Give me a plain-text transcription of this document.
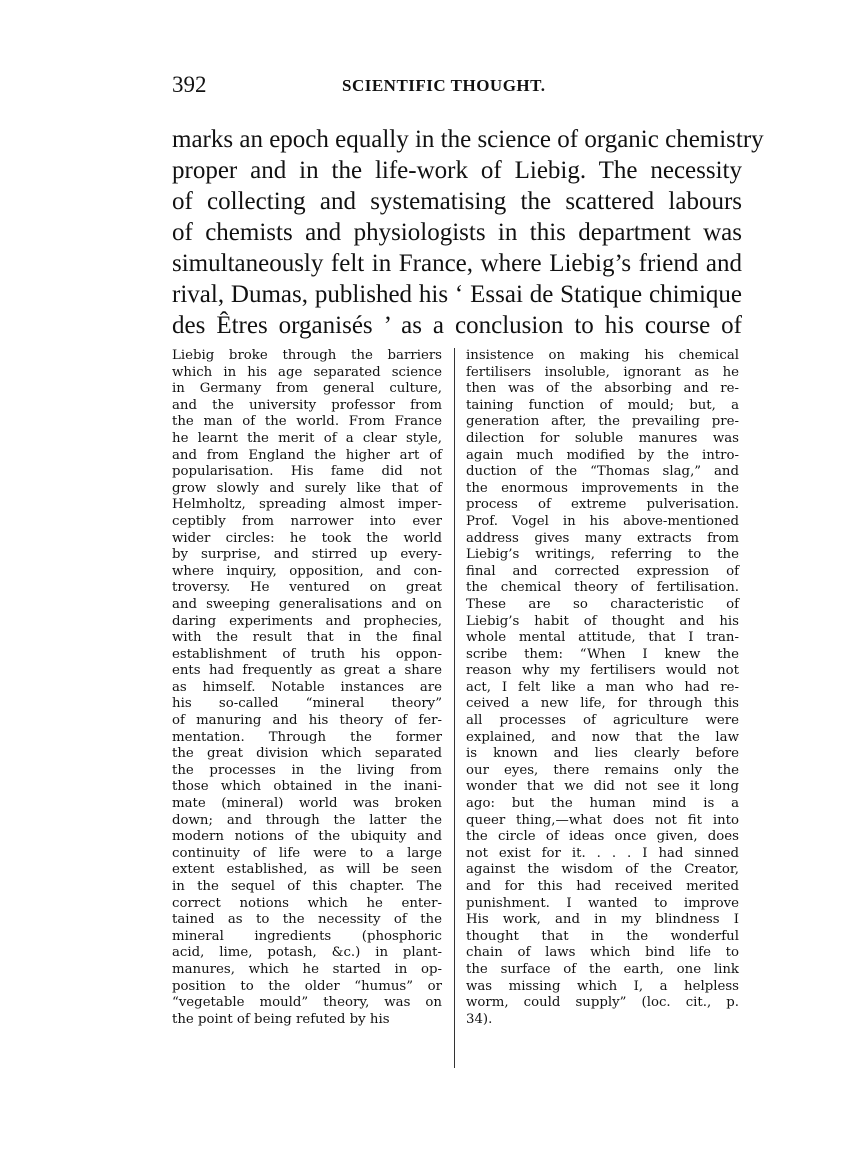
392	SCIENTIFIC THOUGHT.
marks an epoch equally in the science of organic chemistry
proper and in the life-work of Liebig. The necessity
of collecting and systematising the scattered labours
of chemists and physiologists in this department was
simultaneously felt in France, where Liebig’s friend and
rival, Dumas, published his ‘ Essai de Statique chimique
des Êtres organisés ’ as a conclusion to his course of
Liebig broke through the barriers
which in his age separated science
in Germany from general culture,
and the university professor from
the man of the world. From France
he learnt the merit of a clear style,
and from England the higher art of
popularisation. His fame did not
grow slowly and surely like that of
Helmholtz, spreading almost imper-
ceptibly from narrower into ever
wider circles: he took the world
by surprise, and stirred up every-
where inquiry, opposition, and con-
troversy. He ventured on great
and sweeping generalisations and on
daring experiments and prophecies,
with the result that in the final
establishment of truth his oppon-
ents had frequently as great a share
as himself. Notable instances are
his so-called “mineral theory”
of manuring and his theory of fer-
mentation. Through the former
the great division which separated
the processes in the living from
those which obtained in the inani-
mate (mineral) world was broken
down; and through the latter the
modern notions of the ubiquity and
continuity of life were to a large
extent established, as will be seen
in the sequel of this chapter. The
correct notions which he enter-
tained as to the necessity of the
mineral ingredients (phosphoric
acid, lime, potash, &c.) in plant-
manures, which he started in op-
position to the older “humus” or
“vegetable mould” theory, was on
the point of being refuted by his
insistence on making his chemical
fertilisers insoluble, ignorant as he
then was of the absorbing and re-
taining function of mould; but, a
generation after, the prevailing pre-
dilection for soluble manures was
again much modified by the intro-
duction of the “Thomas slag,” and
the enormous improvements in the
process of extreme pulverisation.
Prof. Vogel in his above-mentioned
address gives many extracts from
Liebig’s writings, referring to the
final and corrected expression of
the chemical theory of fertilisation.
These are so characteristic of
Liebig’s habit of thought and his
whole mental attitude, that I tran-
scribe them: “When I knew the
reason why my fertilisers would not
act, I felt like a man who had re-
ceived a new life, for through this
all processes of agriculture were
explained, and now that the law
is known and lies clearly before
our eyes, there remains only the
wonder that we did not see it long
ago: but the human mind is a
queer thing,—what does not fit into
the circle of ideas once given, does
not exist for it. . . . I had sinned
against the wisdom of the Creator,
and for this had received merited
punishment. I wanted to improve
His work, and in my blindness I
thought that in the wonderful
chain of laws which bind life to
the surface of the earth, one link
was missing which I, a helpless
worm, could supply” (loc. cit., p.
34).
